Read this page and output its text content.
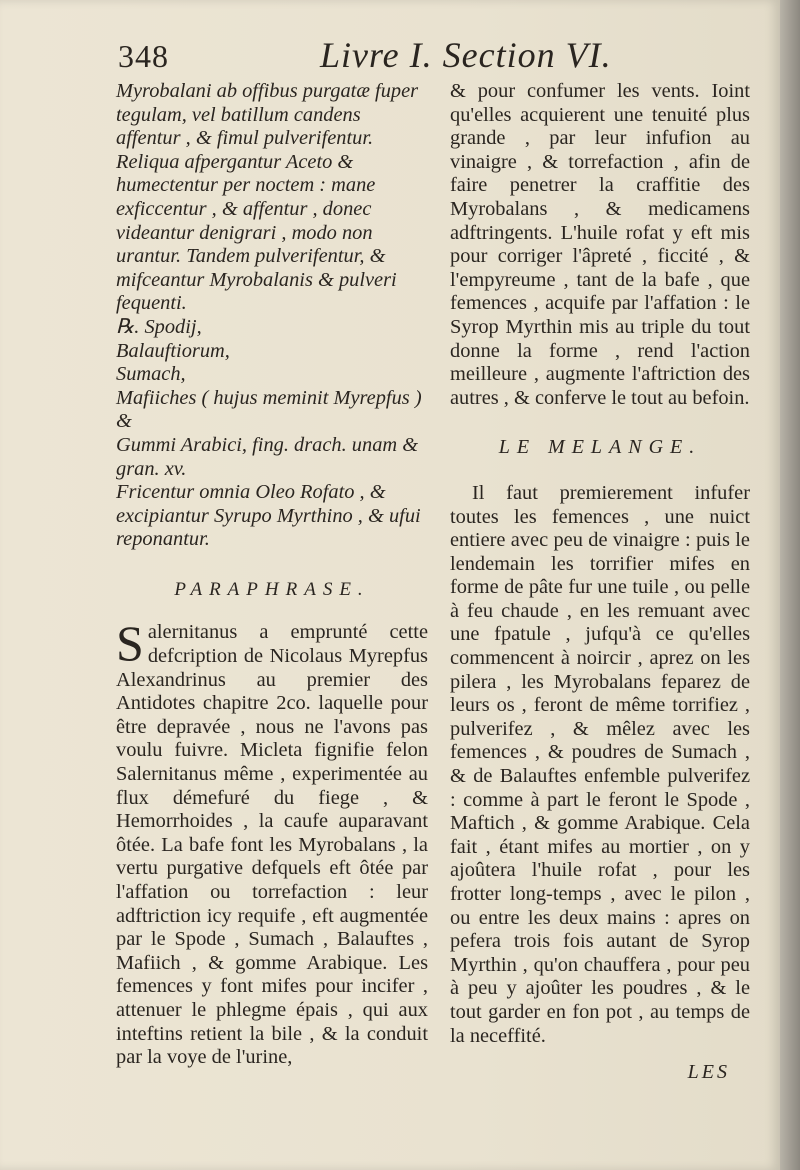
348	Livre I. Section VI.

Myrobalani ab offibus purgatæ fuper tegulam, vel batillum candens affentur , & fimul pulverifentur. Reliqua afpergantur Aceto & humectentur per noctem : mane exficcentur , & affentur , donec videantur denigrari , modo non urantur. Tandem pulverifentur, & mifceantur Myrobalanis & pulveri fequenti.

℞. Spodij,

Balauftiorum,

Sumach,

Mafiiches ( hujus meminit Myrepfus ) &

Gummi Arabici, fing. drach. unam & gran. xv.

Fricentur omnia Oleo Rofato , & excipiantur Syrupo Myrthino , & ufui reponantur.

PARAPHRASE.

Salernitanus a emprunté cette defcription de Nicolaus Myrepfus Alexandrinus au premier des Antidotes chapitre 2co. laquelle pour être depravée , nous ne l'avons pas voulu fuivre. Micleta fignifie felon Salernitanus même , experimentée au flux démefuré du fiege , & Hemorrhoides , la caufe auparavant ôtée. La bafe font les Myrobalans , la vertu purgative defquels eft ôtée par l'affation ou torrefaction : leur adftriction icy requife , eft augmentée par le Spode , Sumach , Balauftes , Mafiich , & gomme Arabique. Les femences y font mifes pour incifer , attenuer le phlegme épais , qui aux inteftins retient la bile , & la conduit par la voye de l'urine,

& pour confumer les vents. Ioint qu'elles acquierent une tenuité plus grande , par leur infufion au vinaigre , & torrefaction , afin de faire penetrer la craffitie des Myrobalans , & medicamens adftringents. L'huile rofat y eft mis pour corriger l'âpreté , ficcité , & l'empyreume , tant de la bafe , que femences , acquife par l'affation : le Syrop Myrthin mis au triple du tout donne la forme , rend l'action meilleure , augmente l'aftriction des autres , & conferve le tout au befoin.

LE MELANGE.

Il faut premierement infufer toutes les femences , une nuict entiere avec peu de vinaigre : puis le lendemain les torrifier mifes en forme de pâte fur une tuile , ou pelle à feu chaude , en les remuant avec une fpatule , jufqu'à ce qu'elles commencent à noircir , aprez on les pilera , les Myrobalans feparez de leurs os , feront de même torrifiez , pulverifez , & mêlez avec les femences , & poudres de Sumach , & de Balauftes enfemble pulverifez : comme à part le feront le Spode , Maftich , & gomme Arabique. Cela fait , étant mifes au mortier , on y ajoûtera l'huile rofat , pour les frotter long-temps , avec le pilon , ou entre les deux mains : apres on pefera trois fois autant de Syrop Myrthin , qu'on chauffera , pour peu à peu y ajoûter les poudres , & le tout garder en fon pot , au temps de la neceffité.

LES
